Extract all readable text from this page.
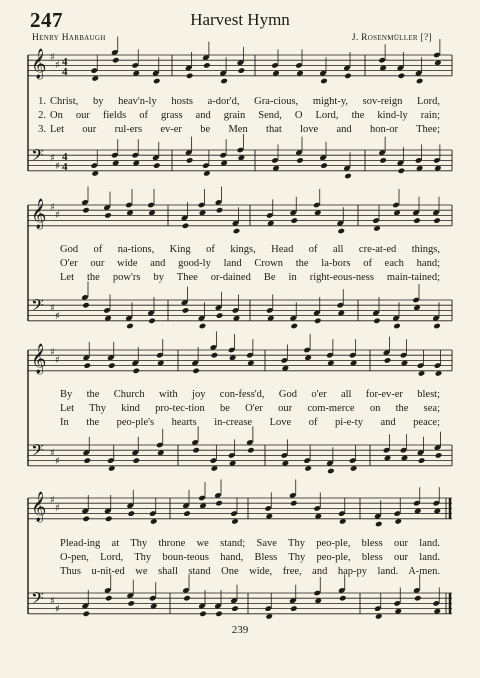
247	Harvest Hymn
Henry Harbaugh	J. Rosenmüller [?]
𝄞 ♯
♯ 4
4
𝄢 ♯
♯
4
4
𝄞 ♯
♯
𝄢 ♯
♯
𝄞 ♯
♯
𝄢 ♯
♯
𝄞 ♯
♯
𝄢 ♯
♯
1. Christ, by heav'n-ly hosts a-dor'd, Gra-cious, might-y, sov-reign Lord,
2. On our fields of grass and grain Send, O Lord, the kind-ly rain;
3. Let our rul-ers ev-er be Men that love and hon-or Thee;
God of na-tions, King of kings, Head of all cre-at-ed things,
O'er our wide and good-ly land Crown the la-bors of each hand;
Let the pow'rs by Thee or-dained Be in right-eous-ness main-tained;
By the Church with joy con-fess'd, God o'er all for-ev-er blest;
Let Thy kind pro-tec-tion be O'er our com-merce on the sea;
In the peo-ple's hearts in-crease Love of pi-e-ty and peace;
Plead-ing at Thy throne we stand; Save Thy peo-ple, bless our land.
O-pen, Lord, Thy boun-teous hand, Bless Thy peo-ple, bless our land.
Thus u-nit-ed we shall stand One wide, free, and hap-py land. A-men.
239
